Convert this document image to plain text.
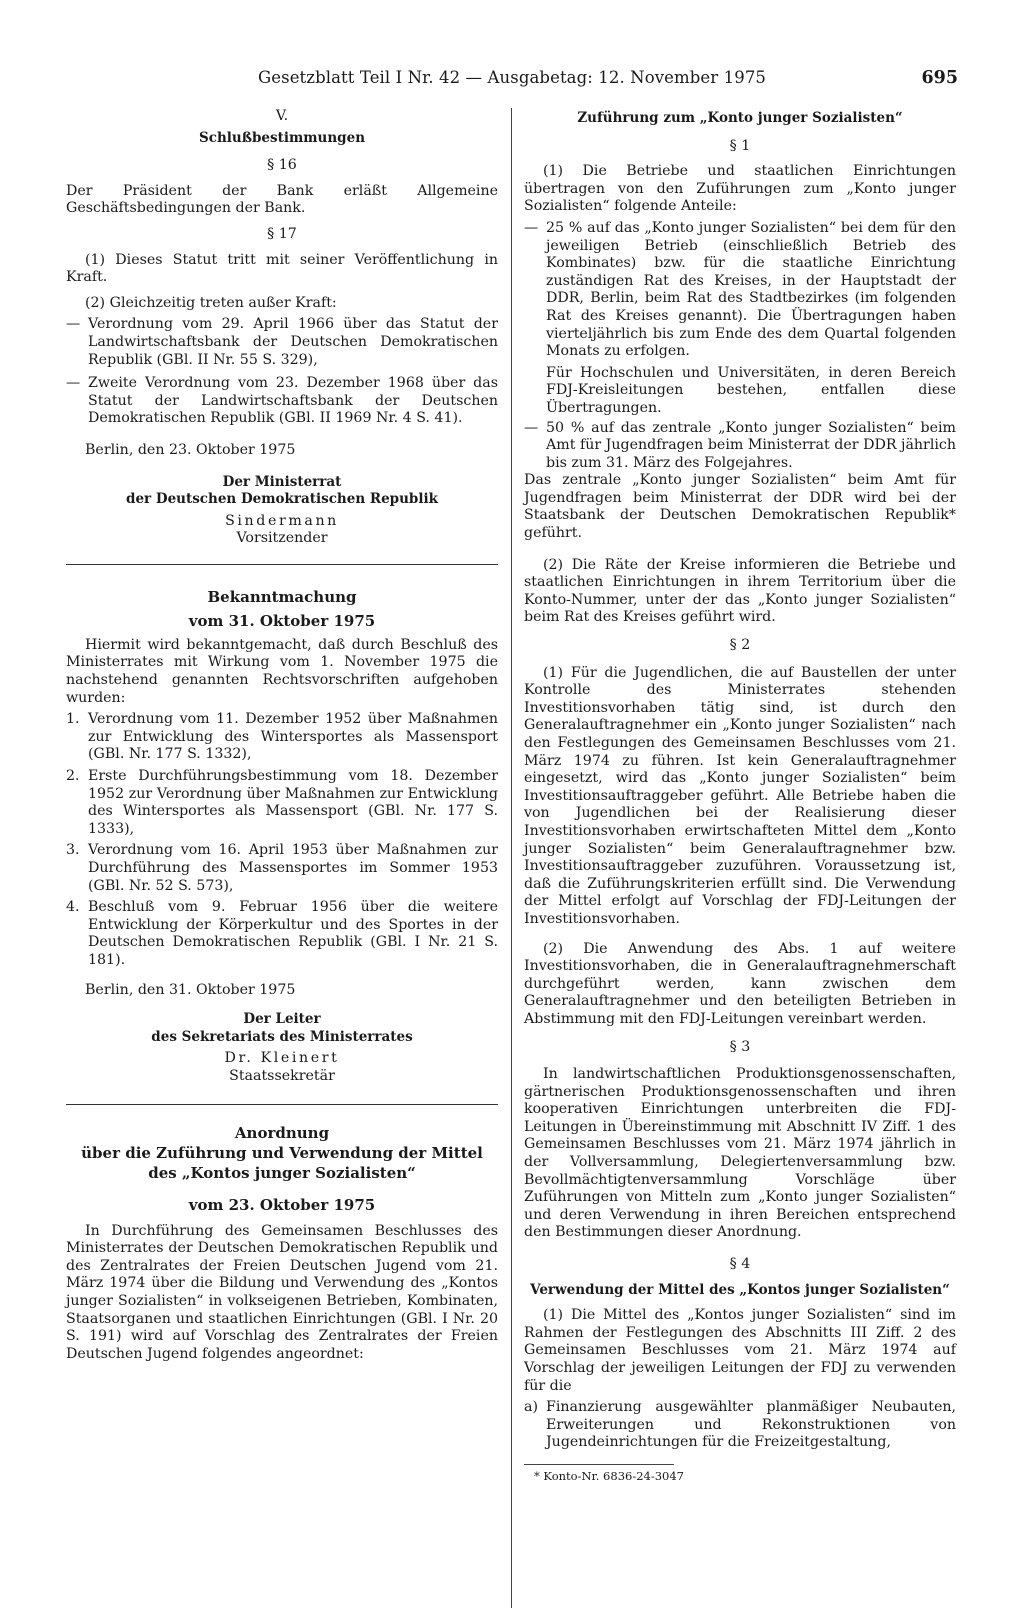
Gesetzblatt Teil I Nr. 42 — Ausgabetag: 12. November 1975	695

V.

Schlußbestimmungen

§ 16

Der Präsident der Bank erläßt Allgemeine Geschäftsbedingungen der Bank.

§ 17

(1) Dieses Statut tritt mit seiner Veröffentlichung in Kraft.

(2) Gleichzeitig treten außer Kraft:

— Verordnung vom 29. April 1966 über das Statut der Landwirtschaftsbank der Deutschen Demokratischen Republik (GBl. II Nr. 55 S. 329),
— Zweite Verordnung vom 23. Dezember 1968 über das Statut der Landwirtschaftsbank der Deutschen Demokratischen Republik (GBl. II 1969 Nr. 4 S. 41).

Berlin, den 23. Oktober 1975

Der Ministerrat

der Deutschen Demokratischen Republik

Sindermann

Vorsitzender

Bekanntmachung

vom 31. Oktober 1975

Hiermit wird bekanntgemacht, daß durch Beschluß des Ministerrates mit Wirkung vom 1. November 1975 die nachstehend genannten Rechtsvorschriften aufgehoben wurden:

1. Verordnung vom 11. Dezember 1952 über Maßnahmen zur Entwicklung des Wintersportes als Massensport (GBl. Nr. 177 S. 1332),
2. Erste Durchführungsbestimmung vom 18. Dezember 1952 zur Verordnung über Maßnahmen zur Entwicklung des Wintersportes als Massensport (GBl. Nr. 177 S. 1333),
3. Verordnung vom 16. April 1953 über Maßnahmen zur Durchführung des Massensportes im Sommer 1953 (GBl. Nr. 52 S. 573),
4. Beschluß vom 9. Februar 1956 über die weitere Entwicklung der Körperkultur und des Sportes in der Deutschen Demokratischen Republik (GBl. I Nr. 21 S. 181).

Berlin, den 31. Oktober 1975

Der Leiter

des Sekretariats des Ministerrates

Dr. Kleinert

Staatssekretär

Anordnung

über die Zuführung und Verwendung der Mittel

des „Kontos junger Sozialisten“

vom 23. Oktober 1975

In Durchführung des Gemeinsamen Beschlusses des Ministerrates der Deutschen Demokratischen Republik und des Zentralrates der Freien Deutschen Jugend vom 21. März 1974 über die Bildung und Verwendung des „Kontos junger Sozialisten“ in volkseigenen Betrieben, Kombinaten, Staatsorganen und staatlichen Einrichtungen (GBl. I Nr. 20 S. 191) wird auf Vorschlag des Zentralrates der Freien Deutschen Jugend folgendes angeordnet:

Zuführung zum „Konto junger Sozialisten“

§ 1

(1) Die Betriebe und staatlichen Einrichtungen übertragen von den Zuführungen zum „Konto junger Sozialisten“ folgende Anteile:

— 25 % auf das „Konto junger Sozialisten“ bei dem für den jeweiligen Betrieb (einschließlich Betrieb des Kombinates) bzw. für die staatliche Einrichtung zuständigen Rat des Kreises, in der Hauptstadt der DDR, Berlin, beim Rat des Stadtbezirkes (im folgenden Rat des Kreises genannt). Die Übertragungen haben vierteljährlich bis zum Ende des dem Quartal folgenden Monats zu erfolgen.

Für Hochschulen und Universitäten, in deren Bereich FDJ-Kreisleitungen bestehen, entfallen diese Übertragungen.

— 50 % auf das zentrale „Konto junger Sozialisten“ beim Amt für Jugendfragen beim Ministerrat der DDR jährlich bis zum 31. März des Folgejahres.

Das zentrale „Konto junger Sozialisten“ beim Amt für Jugendfragen beim Ministerrat der DDR wird bei der Staatsbank der Deutschen Demokratischen Republik* geführt.

(2) Die Räte der Kreise informieren die Betriebe und staatlichen Einrichtungen in ihrem Territorium über die Konto-Nummer, unter der das „Konto junger Sozialisten“ beim Rat des Kreises geführt wird.

§ 2

(1) Für die Jugendlichen, die auf Baustellen der unter Kontrolle des Ministerrates stehenden Investitionsvorhaben tätig sind, ist durch den Generalauftragnehmer ein „Konto junger Sozialisten“ nach den Festlegungen des Gemeinsamen Beschlusses vom 21. März 1974 zu führen. Ist kein Generalauftragnehmer eingesetzt, wird das „Konto junger Sozialisten“ beim Investitionsauftraggeber geführt. Alle Betriebe haben die von Jugendlichen bei der Realisierung dieser Investitionsvorhaben erwirtschafteten Mittel dem „Konto junger Sozialisten“ beim Generalauftragnehmer bzw. Investitionsauftraggeber zuzuführen. Voraussetzung ist, daß die Zuführungskriterien erfüllt sind. Die Verwendung der Mittel erfolgt auf Vorschlag der FDJ-Leitungen der Investitionsvorhaben.

(2) Die Anwendung des Abs. 1 auf weitere Investitionsvorhaben, die in Generalauftragnehmerschaft durchgeführt werden, kann zwischen dem Generalauftragnehmer und den beteiligten Betrieben in Abstimmung mit den FDJ-Leitungen vereinbart werden.

§ 3

In landwirtschaftlichen Produktionsgenossenschaften, gärtnerischen Produktionsgenossenschaften und ihren kooperativen Einrichtungen unterbreiten die FDJ-Leitungen in Übereinstimmung mit Abschnitt IV Ziff. 1 des Gemeinsamen Beschlusses vom 21. März 1974 jährlich in der Vollversammlung, Delegiertenversammlung bzw. Bevollmächtigtenversammlung Vorschläge über Zuführungen von Mitteln zum „Konto junger Sozialisten“ und deren Verwendung in ihren Bereichen entsprechend den Bestimmungen dieser Anordnung.

§ 4

Verwendung der Mittel des „Kontos junger Sozialisten“

(1) Die Mittel des „Kontos junger Sozialisten“ sind im Rahmen der Festlegungen des Abschnitts III Ziff. 2 des Gemeinsamen Beschlusses vom 21. März 1974 auf Vorschlag der jeweiligen Leitungen der FDJ zu verwenden für die

a) Finanzierung ausgewählter planmäßiger Neubauten, Erweiterungen und Rekonstruktionen von Jugendeinrichtungen für die Freizeitgestaltung,

* Konto-Nr. 6836-24-3047
